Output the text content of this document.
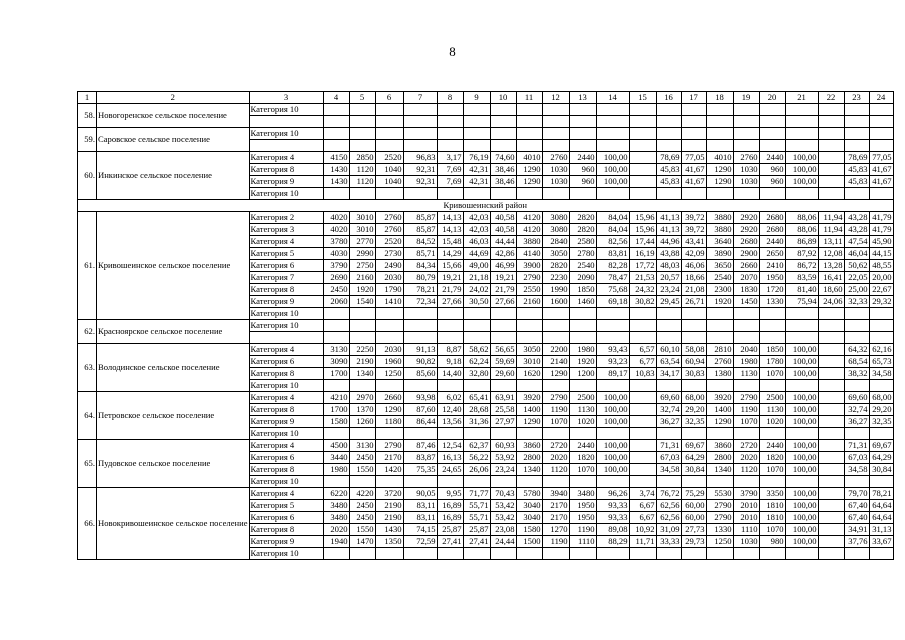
8
1	2	3	4	5	6	7	8	9	10	11	12	13	14	15	16	17	18	19	20	21	22	23	24
58.	Новогоренское сельское поселение	Категория 10																					

59.	Саровское сельское поселение	Категория 10																					

60.	Инкинское сельское поселение	Категория 4	4150	2850	2520	96,83	3,17	76,19	74,60	4010	2760	2440	100,00		78,69	77,05	4010	2760	2440	100,00		78,69	77,05
		Категория 8	1430	1120	1040	92,31	7,69	42,31	38,46	1290	1030	960	100,00		45,83	41,67	1290	1030	960	100,00		45,83	41,67
		Категория 9	1430	1120	1040	92,31	7,69	42,31	38,46	1290	1030	960	100,00		45,83	41,67	1290	1030	960	100,00		45,83	41,67
		Категория 10																					
Кривошеинский район																							
61.	Кривошеинское сельское поселение	Категория 2	4020	3010	2760	85,87	14,13	42,03	40,58	4120	3080	2820	84,04	15,96	41,13	39,72	3880	2920	2680	88,06	11,94	43,28	41,79
		Категория 3	4020	3010	2760	85,87	14,13	42,03	40,58	4120	3080	2820	84,04	15,96	41,13	39,72	3880	2920	2680	88,06	11,94	43,28	41,79
		Категория 4	3780	2770	2520	84,52	15,48	46,03	44,44	3880	2840	2580	82,56	17,44	44,96	43,41	3640	2680	2440	86,89	13,11	47,54	45,90
		Категория 5	4030	2990	2730	85,71	14,29	44,69	42,86	4140	3050	2780	83,81	16,19	43,88	42,09	3890	2900	2650	87,92	12,08	46,04	44,15
		Категория 6	3790	2750	2490	84,34	15,66	49,00	46,99	3900	2820	2540	82,28	17,72	48,03	46,06	3650	2660	2410	86,72	13,28	50,62	48,55
		Категория 7	2690	2160	2030	80,79	19,21	21,18	19,21	2790	2230	2090	78,47	21,53	20,57	18,66	2540	2070	1950	83,59	16,41	22,05	20,00
		Категория 8	2450	1920	1790	78,21	21,79	24,02	21,79	2550	1990	1850	75,68	24,32	23,24	21,08	2300	1830	1720	81,40	18,60	25,00	22,67
		Категория 9	2060	1540	1410	72,34	27,66	30,50	27,66	2160	1600	1460	69,18	30,82	29,45	26,71	1920	1450	1330	75,94	24,06	32,33	29,32
		Категория 10																					
62.	Красноярское сельское поселение	Категория 10																					

63.	Володинское сельское поселение	Категория 4	3130	2250	2030	91,13	8,87	58,62	56,65	3050	2200	1980	93,43	6,57	60,10	58,08	2810	2040	1850	100,00		64,32	62,16
		Категория 6	3090	2190	1960	90,82	9,18	62,24	59,69	3010	2140	1920	93,23	6,77	63,54	60,94	2760	1980	1780	100,00		68,54	65,73
		Категория 8	1700	1340	1250	85,60	14,40	32,80	29,60	1620	1290	1200	89,17	10,83	34,17	30,83	1380	1130	1070	100,00		38,32	34,58
		Категория 10																					
64.	Петровское сельское поселение	Категория 4	4210	2970	2660	93,98	6,02	65,41	63,91	3920	2790	2500	100,00		69,60	68,00	3920	2790	2500	100,00		69,60	68,00
		Категория 8	1700	1370	1290	87,60	12,40	28,68	25,58	1400	1190	1130	100,00		32,74	29,20	1400	1190	1130	100,00		32,74	29,20
		Категория 9	1580	1260	1180	86,44	13,56	31,36	27,97	1290	1070	1020	100,00		36,27	32,35	1290	1070	1020	100,00		36,27	32,35
		Категория 10																					
65.	Пудовское сельское поселение	Категория 4	4500	3130	2790	87,46	12,54	62,37	60,93	3860	2720	2440	100,00		71,31	69,67	3860	2720	2440	100,00		71,31	69,67
		Категория 6	3440	2450	2170	83,87	16,13	56,22	53,92	2800	2020	1820	100,00		67,03	64,29	2800	2020	1820	100,00		67,03	64,29
		Категория 8	1980	1550	1420	75,35	24,65	26,06	23,24	1340	1120	1070	100,00		34,58	30,84	1340	1120	1070	100,00		34,58	30,84
		Категория 10																					
66.	Новокривошеинское сельское поселение	Категория 4	6220	4220	3720	90,05	9,95	71,77	70,43	5780	3940	3480	96,26	3,74	76,72	75,29	5530	3790	3350	100,00		79,70	78,21
		Категория 5	3480	2450	2190	83,11	16,89	55,71	53,42	3040	2170	1950	93,33	6,67	62,56	60,00	2790	2010	1810	100,00		67,40	64,64
		Категория 6	3480	2450	2190	83,11	16,89	55,71	53,42	3040	2170	1950	93,33	6,67	62,56	60,00	2790	2010	1810	100,00		67,40	64,64
		Категория 8	2020	1550	1430	74,15	25,87	25,87	23,08	1580	1270	1190	89,08	10,92	31,09	27,73	1330	1110	1070	100,00		34,91	31,13
		Категория 9	1940	1470	1350	72,59	27,41	27,41	24,44	1500	1190	1110	88,29	11,71	33,33	29,73	1250	1030	980	100,00		37,76	33,67
		Категория 10																					
